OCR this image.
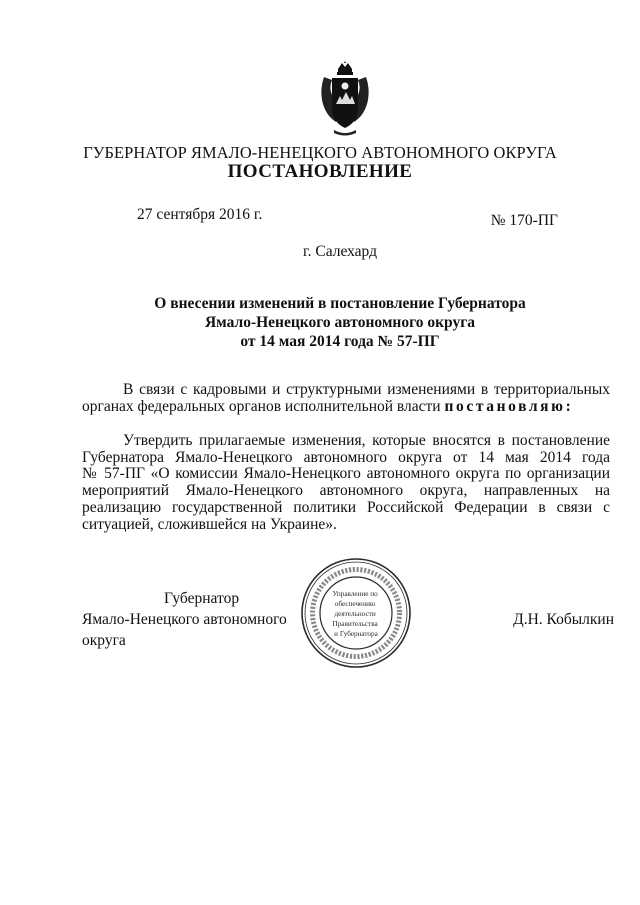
ГУБЕРНАТОР ЯМАЛО-НЕНЕЦКОГО АВТОНОМНОГО ОКРУГА
ПОСТАНОВЛЕНИЕ
27 сентября 2016 г.	№ 170-ПГ
г. Салехард
О внесении изменений в постановление Губернатора
Ямало-Ненецкого автономного округа
от 14 мая 2014 года № 57-ПГ
В связи с кадровыми и структурными изменениями в территориальных
органах федеральных органов исполнительной власти постановляю:
Утвердить прилагаемые изменения, которые вносятся в постановление
Губернатора Ямало-Ненецкого автономного округа от 14 мая 2014 года
№ 57-ПГ «О комиссии Ямало-Ненецкого автономного округа по организации
мероприятий Ямало-Ненецкого автономного округа, направленных на
реализацию государственной политики Российской Федерации в связи с
ситуацией, сложившейся на Украине».
Губернатор
Ямало-Ненецкого автономного округа
Д.Н. Кобылкин
Управление по обеспечению деятельности Правительства и Губернатора
